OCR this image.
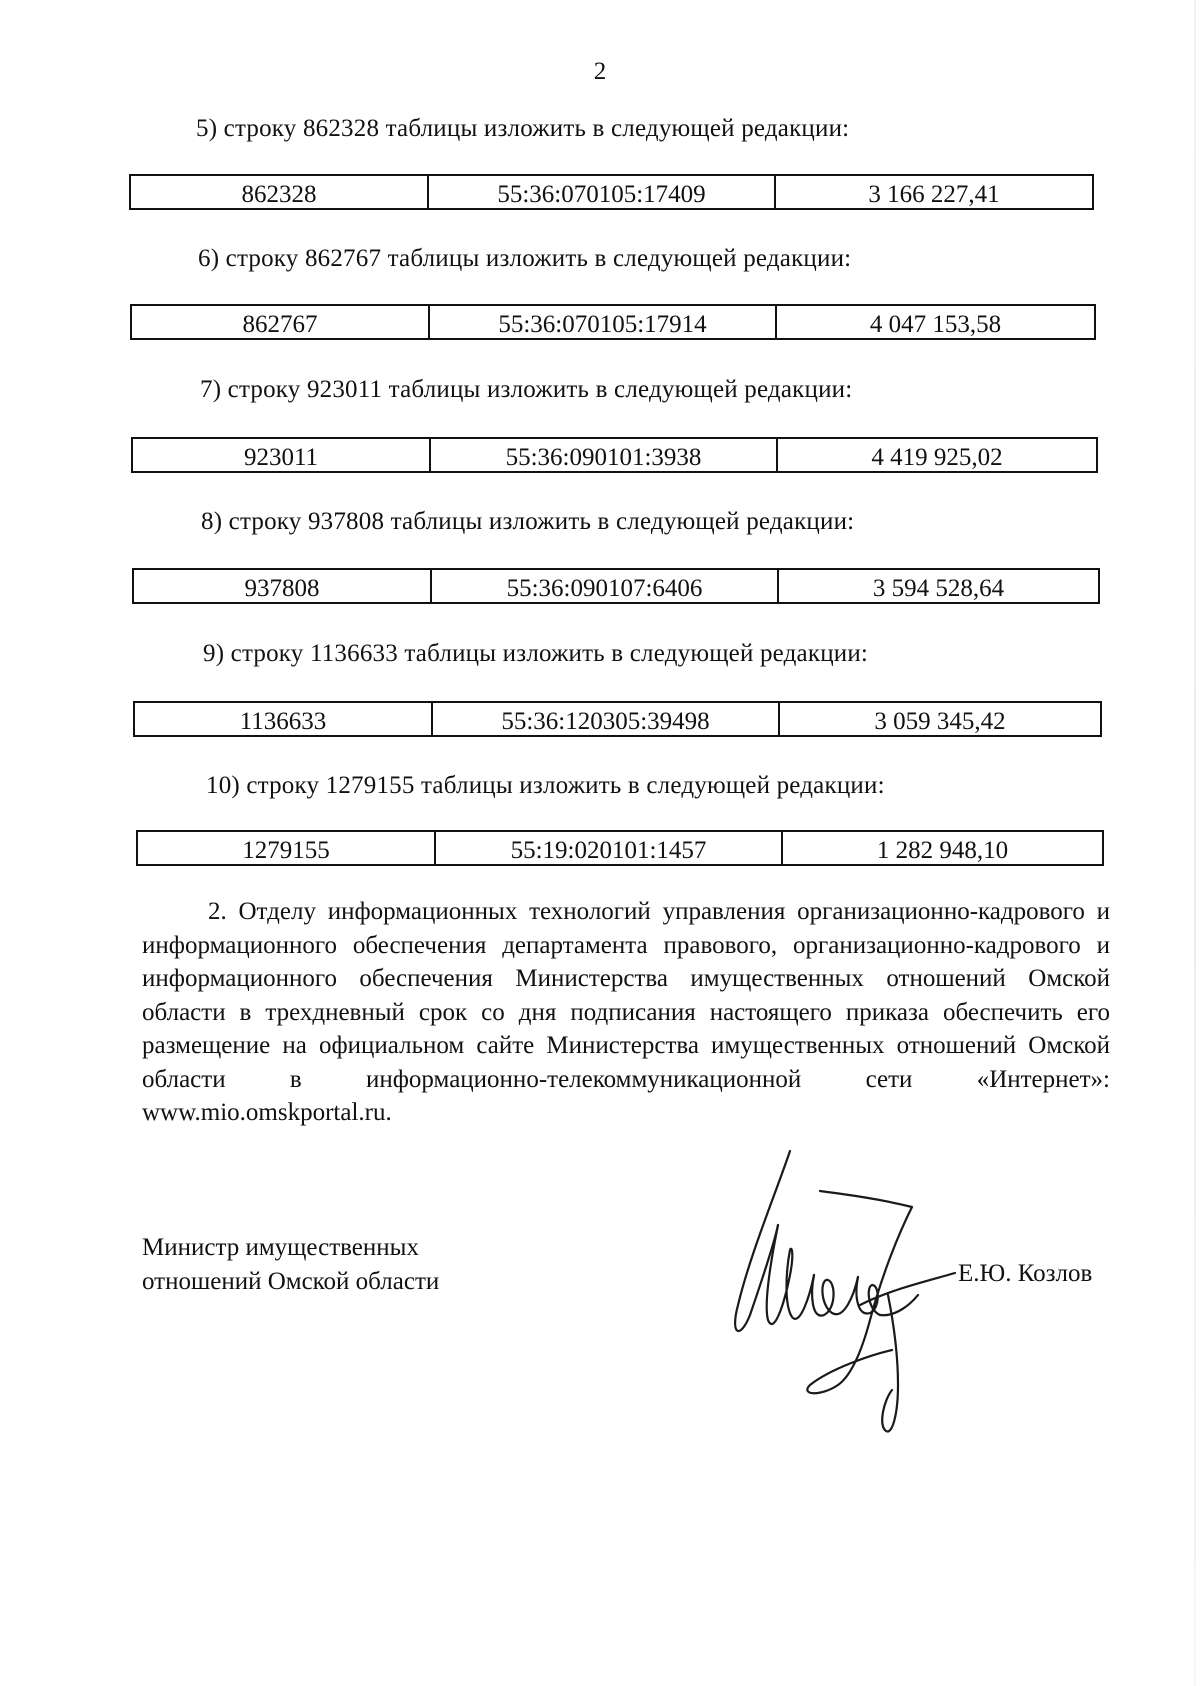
2
5) строку 862328 таблицы изложить в следующей редакции:
862328	55:36:070105:17409	3 166 227,41
6) строку 862767 таблицы изложить в следующей редакции:
862767	55:36:070105:17914	4 047 153,58
7) строку 923011 таблицы изложить в следующей редакции:
923011	55:36:090101:3938	4 419 925,02
8) строку 937808 таблицы изложить в следующей редакции:
937808	55:36:090107:6406	3 594 528,64
9) строку 1136633 таблицы изложить в следующей редакции:
1136633	55:36:120305:39498	3 059 345,42
10) строку 1279155 таблицы изложить в следующей редакции:
1279155	55:19:020101:1457	1 282 948,10
2. Отделу информационных технологий управления организационно-кадрового и информационного обеспечения департамента правового, организационно-кадрового и информационного обеспечения Министерства имущественных отношений Омской области в трехдневный срок со дня подписания настоящего приказа обеспечить его размещение на официальном сайте Министерства имущественных отношений Омской области в информационно-телекоммуникационной сети «Интернет»: www.mio.omskportal.ru.
Министр имущественных
отношений Омской области	Е.Ю. Козлов
